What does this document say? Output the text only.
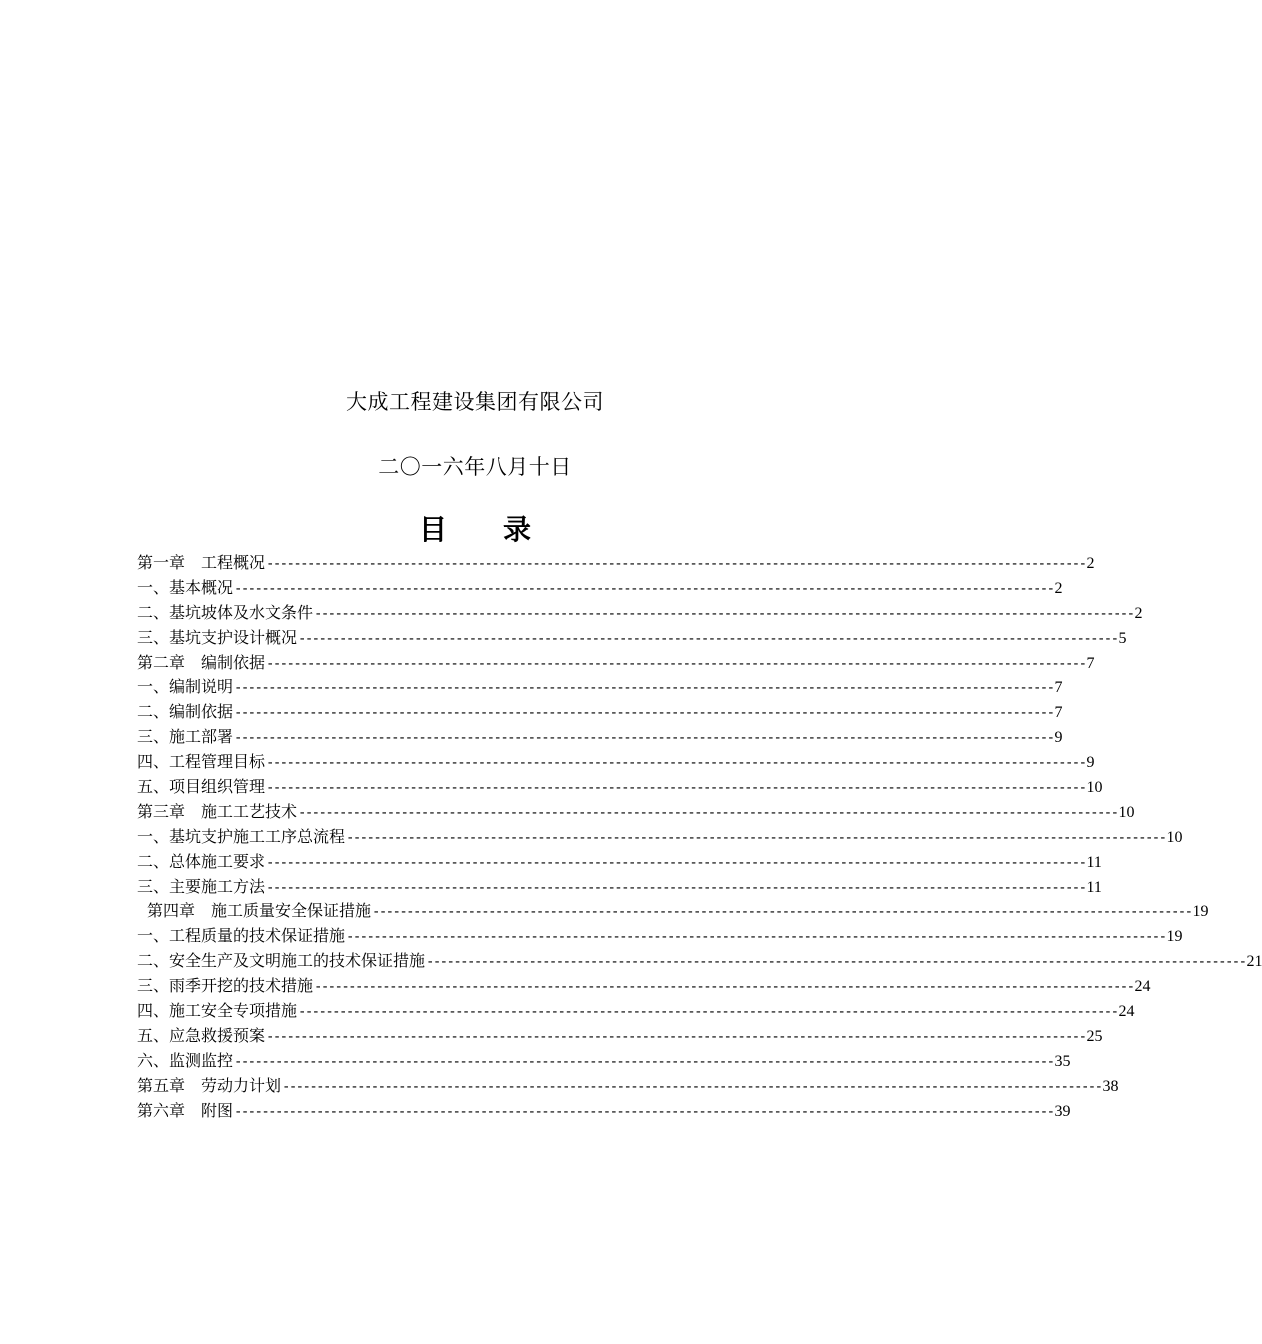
大成工程建设集团有限公司
二〇一六年八月十日
目 录
第一章　工程概况 ------------------------------------------------------------------------------------------------------------------------ 2
一、基本概况 ------------------------------------------------------------------------------------------------------------------------ 2
二、基坑坡体及水文条件 ------------------------------------------------------------------------------------------------------------------------ 2
三、基坑支护设计概况 ------------------------------------------------------------------------------------------------------------------------ 5
第二章　编制依据 ------------------------------------------------------------------------------------------------------------------------ 7
一、编制说明 ------------------------------------------------------------------------------------------------------------------------ 7
二、编制依据 ------------------------------------------------------------------------------------------------------------------------ 7
三、施工部署 ------------------------------------------------------------------------------------------------------------------------ 9
四、工程管理目标 ------------------------------------------------------------------------------------------------------------------------ 9
五、项目组织管理 ------------------------------------------------------------------------------------------------------------------------ 10
第三章　施工工艺技术 ------------------------------------------------------------------------------------------------------------------------ 10
一、基坑支护施工工序总流程 ------------------------------------------------------------------------------------------------------------------------ 10
二、总体施工要求 ------------------------------------------------------------------------------------------------------------------------ 11
三、主要施工方法 ------------------------------------------------------------------------------------------------------------------------ 11
第四章　施工质量安全保证措施 ------------------------------------------------------------------------------------------------------------------------ 19
一、工程质量的技术保证措施 ------------------------------------------------------------------------------------------------------------------------ 19
二、安全生产及文明施工的技术保证措施 ------------------------------------------------------------------------------------------------------------------------ 21
三、雨季开挖的技术措施 ------------------------------------------------------------------------------------------------------------------------ 24
四、施工安全专项措施 ------------------------------------------------------------------------------------------------------------------------ 24
五、应急救援预案 ------------------------------------------------------------------------------------------------------------------------ 25
六、监测监控 ------------------------------------------------------------------------------------------------------------------------ 35
第五章　劳动力计划 ------------------------------------------------------------------------------------------------------------------------ 38
第六章　附图 ------------------------------------------------------------------------------------------------------------------------ 39
